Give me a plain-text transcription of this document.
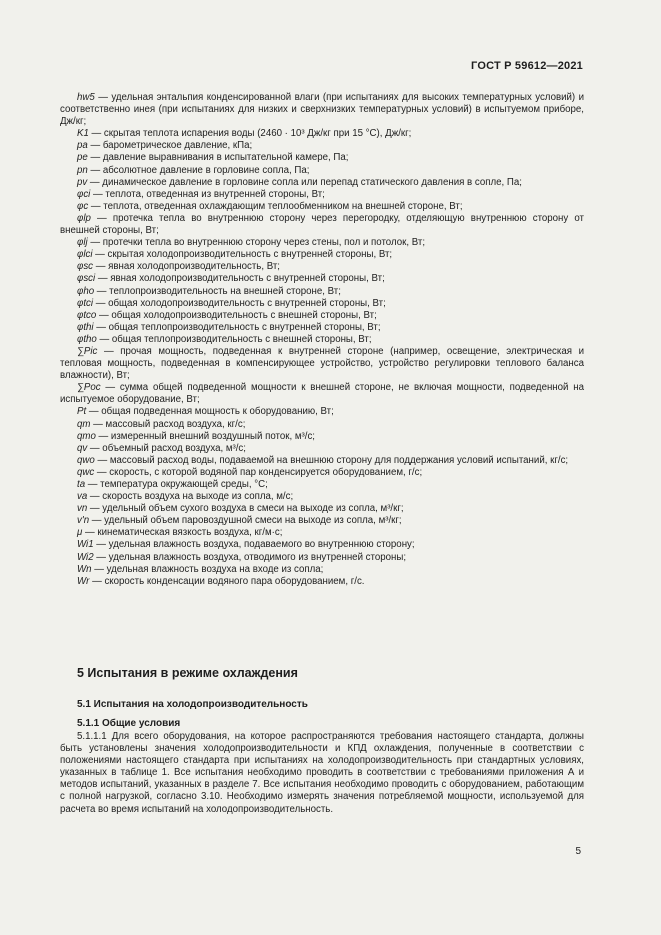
ГОСТ Р 59612—2021

hw5 — удельная энтальпия конденсированной влаги (при испытаниях для высоких температурных условий) и соответственно инея (при испытаниях для низких и сверхнизких температурных условий) в испытуемом приборе, Дж/кг;

K1 — скрытая теплота испарения воды (2460 · 10³ Дж/кг при 15 °С), Дж/кг;

pa — барометрическое давление, кПа;

pe — давление выравнивания в испытательной камере, Па;

pn — абсолютное давление в горловине сопла, Па;

pv — динамическое давление в горловине сопла или перепад статического давления в сопле, Па;

φci — теплота, отведенная из внутренней стороны, Вт;

φc — теплота, отведенная охлаждающим теплообменником на внешней стороне, Вт;

φlp — протечка тепла во внутреннюю сторону через перегородку, отделяющую внутреннюю сторону от внешней стороны, Вт;

φlj — протечки тепла во внутреннюю сторону через стены, пол и потолок, Вт;

φlci — скрытая холодопроизводительность с внутренней стороны, Вт;

φsc — явная холодопроизводительность, Вт;

φsci — явная холодопроизводительность с внутренней стороны, Вт;

φho — теплопроизводительность на внешней стороне, Вт;

φtci — общая холодопроизводительность с внутренней стороны, Вт;

φtco — общая холодопроизводительность с внешней стороны, Вт;

φthi — общая теплопроизводительность с внутренней стороны, Вт;

φtho — общая теплопроизводительность с внешней стороны, Вт;

∑Pic — прочая мощность, подведенная к внутренней стороне (например, освещение, электрическая и тепловая мощность, подведенная в компенсирующее устройство, устройство регулировки теплового баланса влажности), Вт;

∑Poc — сумма общей подведенной мощности к внешней стороне, не включая мощности, подведенной на испытуемое оборудование, Вт;

Pt — общая подведенная мощность к оборудованию, Вт;

qm — массовый расход воздуха, кг/с;

qmo — измеренный внешний воздушный поток, м³/с;

qv — объемный расход воздуха, м³/с;

qwo — массовый расход воды, подаваемой на внешнюю сторону для поддержания условий испытаний, кг/с;

qwc — скорость, с которой водяной пар конденсируется оборудованием, г/с;

ta — температура окружающей среды, °С;

va — скорость воздуха на выходе из сопла, м/с;

vn — удельный объем сухого воздуха в смеси на выходе из сопла, м³/кг;

v'n — удельный объем паровоздушной смеси на выходе из сопла, м³/кг;

μ — кинематическая вязкость воздуха, кг/м·с;

Wi1 — удельная влажность воздуха, подаваемого во внутреннюю сторону;

Wi2 — удельная влажность воздуха, отводимого из внутренней стороны;

Wn — удельная влажность воздуха на входе из сопла;

Wr — скорость конденсации водяного пара оборудованием, г/с.

5 Испытания в режиме охлаждения
5.1 Испытания на холодопроизводительность
5.1.1 Общие условия

5.1.1.1 Для всего оборудования, на которое распространяются требования настоящего стандарта, должны быть установлены значения холодопроизводительности и КПД охлаждения, полученные в соответствии с положениями настоящего стандарта при испытаниях на холодопроизводительность при стандартных условиях, указанных в таблице 1. Все испытания необходимо проводить в соответствии с требованиями приложения А и методов испытаний, указанных в разделе 7. Все испытания необходимо проводить с оборудованием, работающим с полной нагрузкой, согласно 3.10. Необходимо измерять значения потребляемой мощности, используемой для расчета во время испытаний на холодопроизводительность.

5
